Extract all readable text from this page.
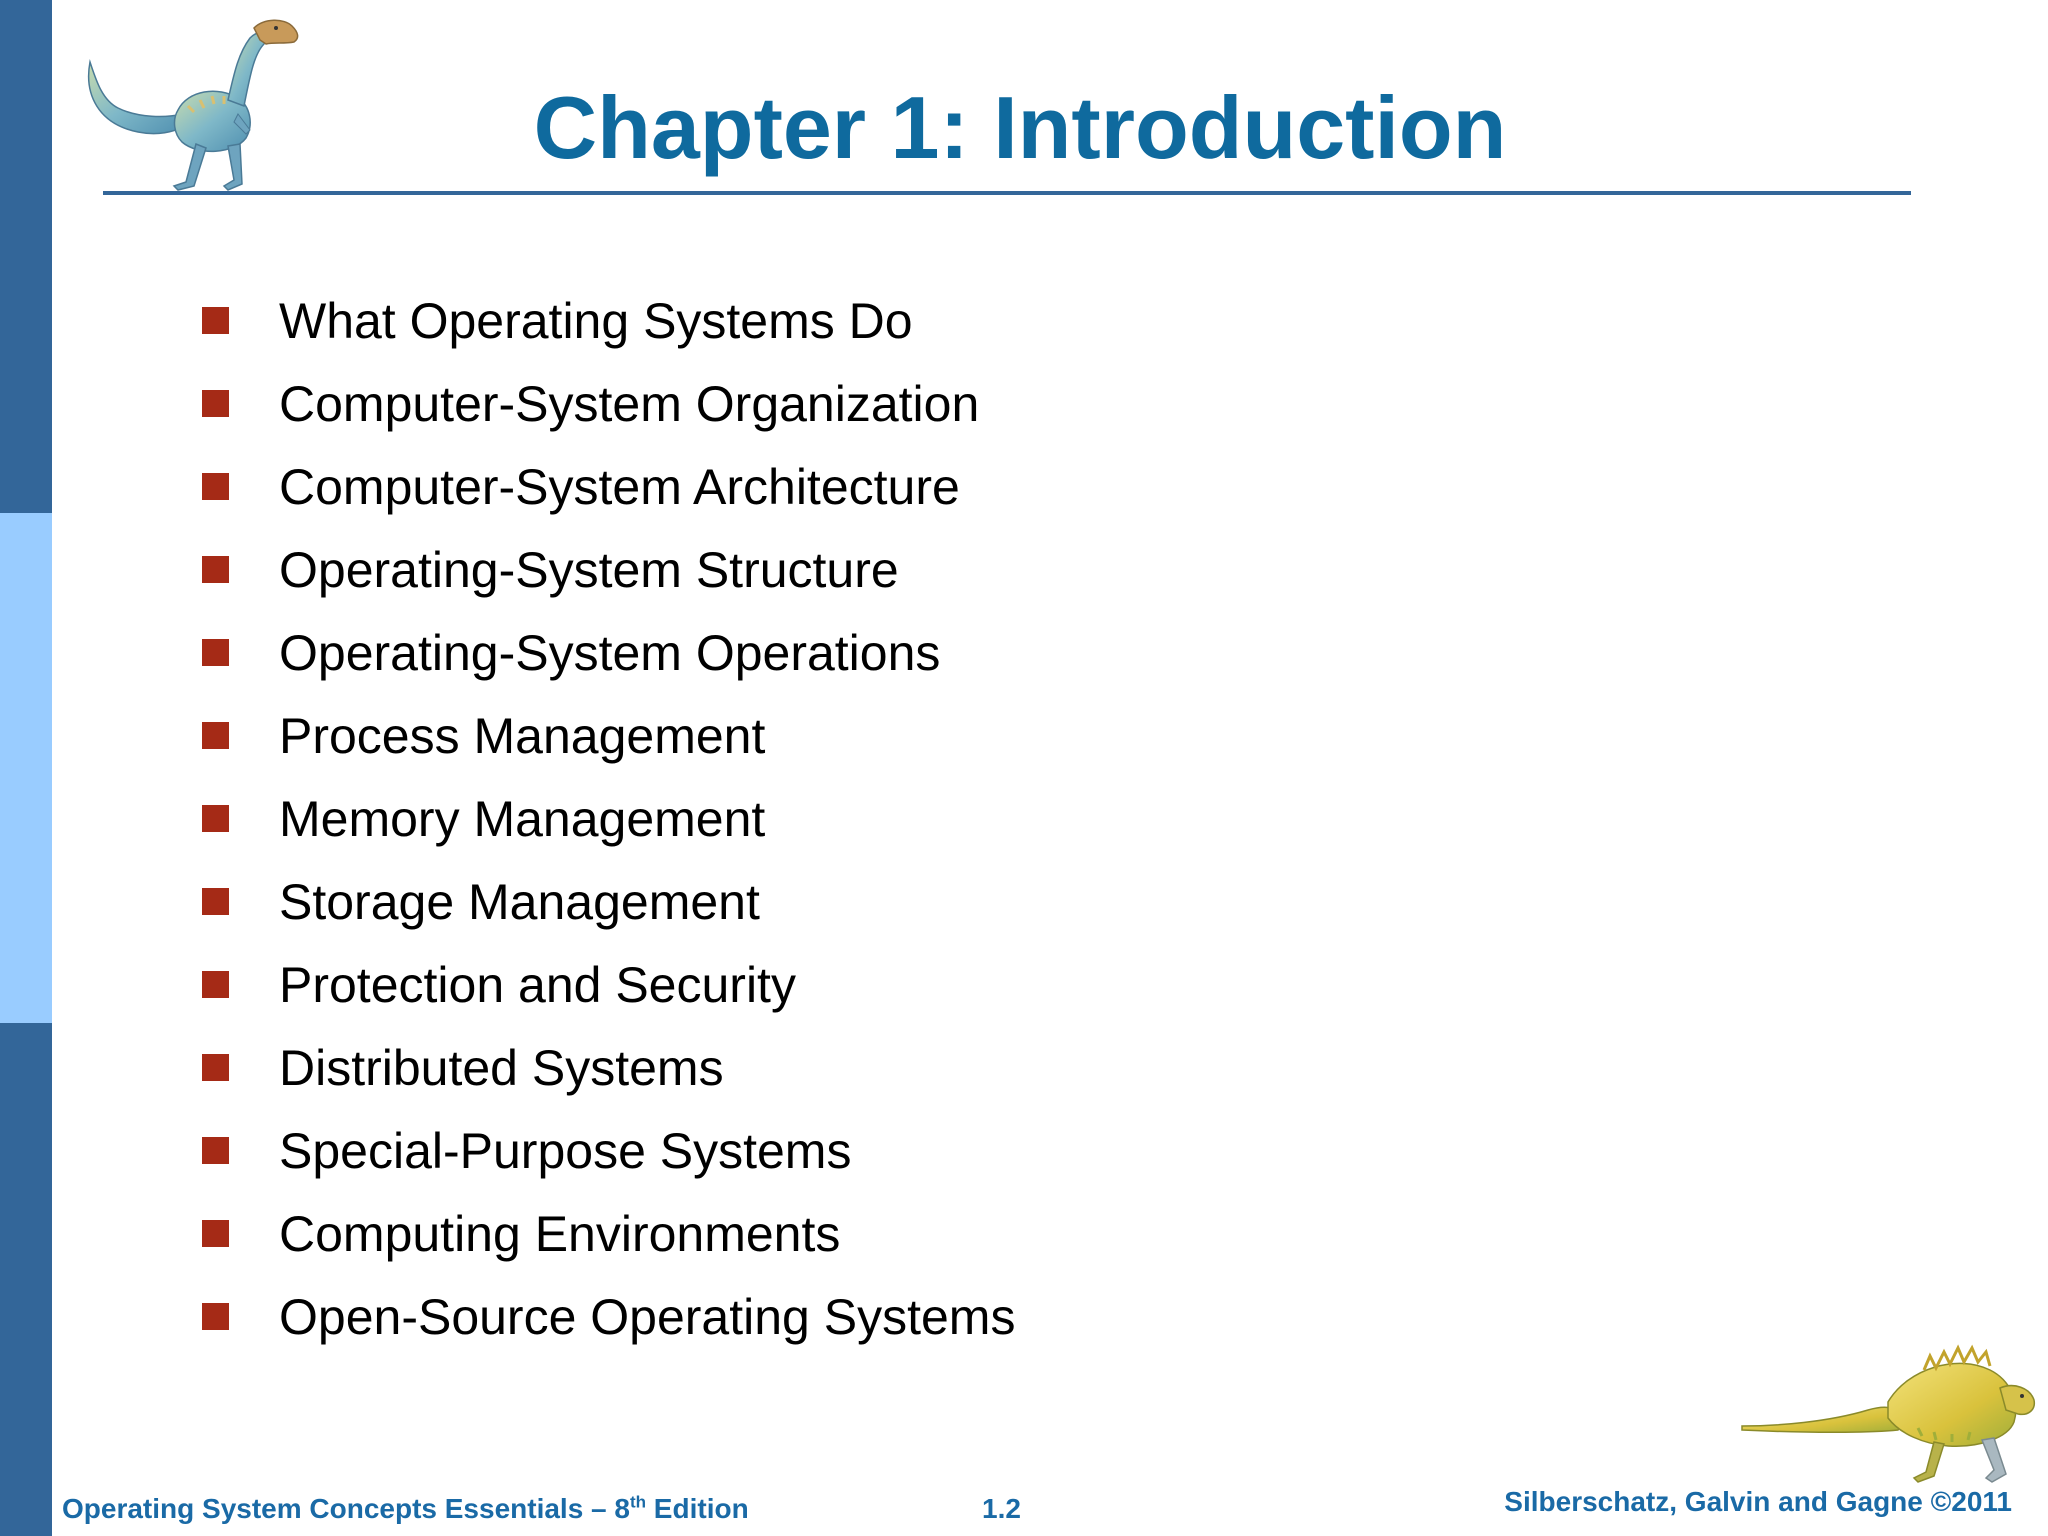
Chapter 1: Introduction
What Operating Systems Do
Computer-System Organization
Computer-System Architecture
Operating-System Structure
Operating-System Operations
Process Management
Memory Management
Storage Management
Protection and Security
Distributed Systems
Special-Purpose Systems
Computing Environments
Open-Source Operating Systems
Operating System Concepts Essentials – 8th Edition	1.2	Silberschatz, Galvin and Gagne ©2011
